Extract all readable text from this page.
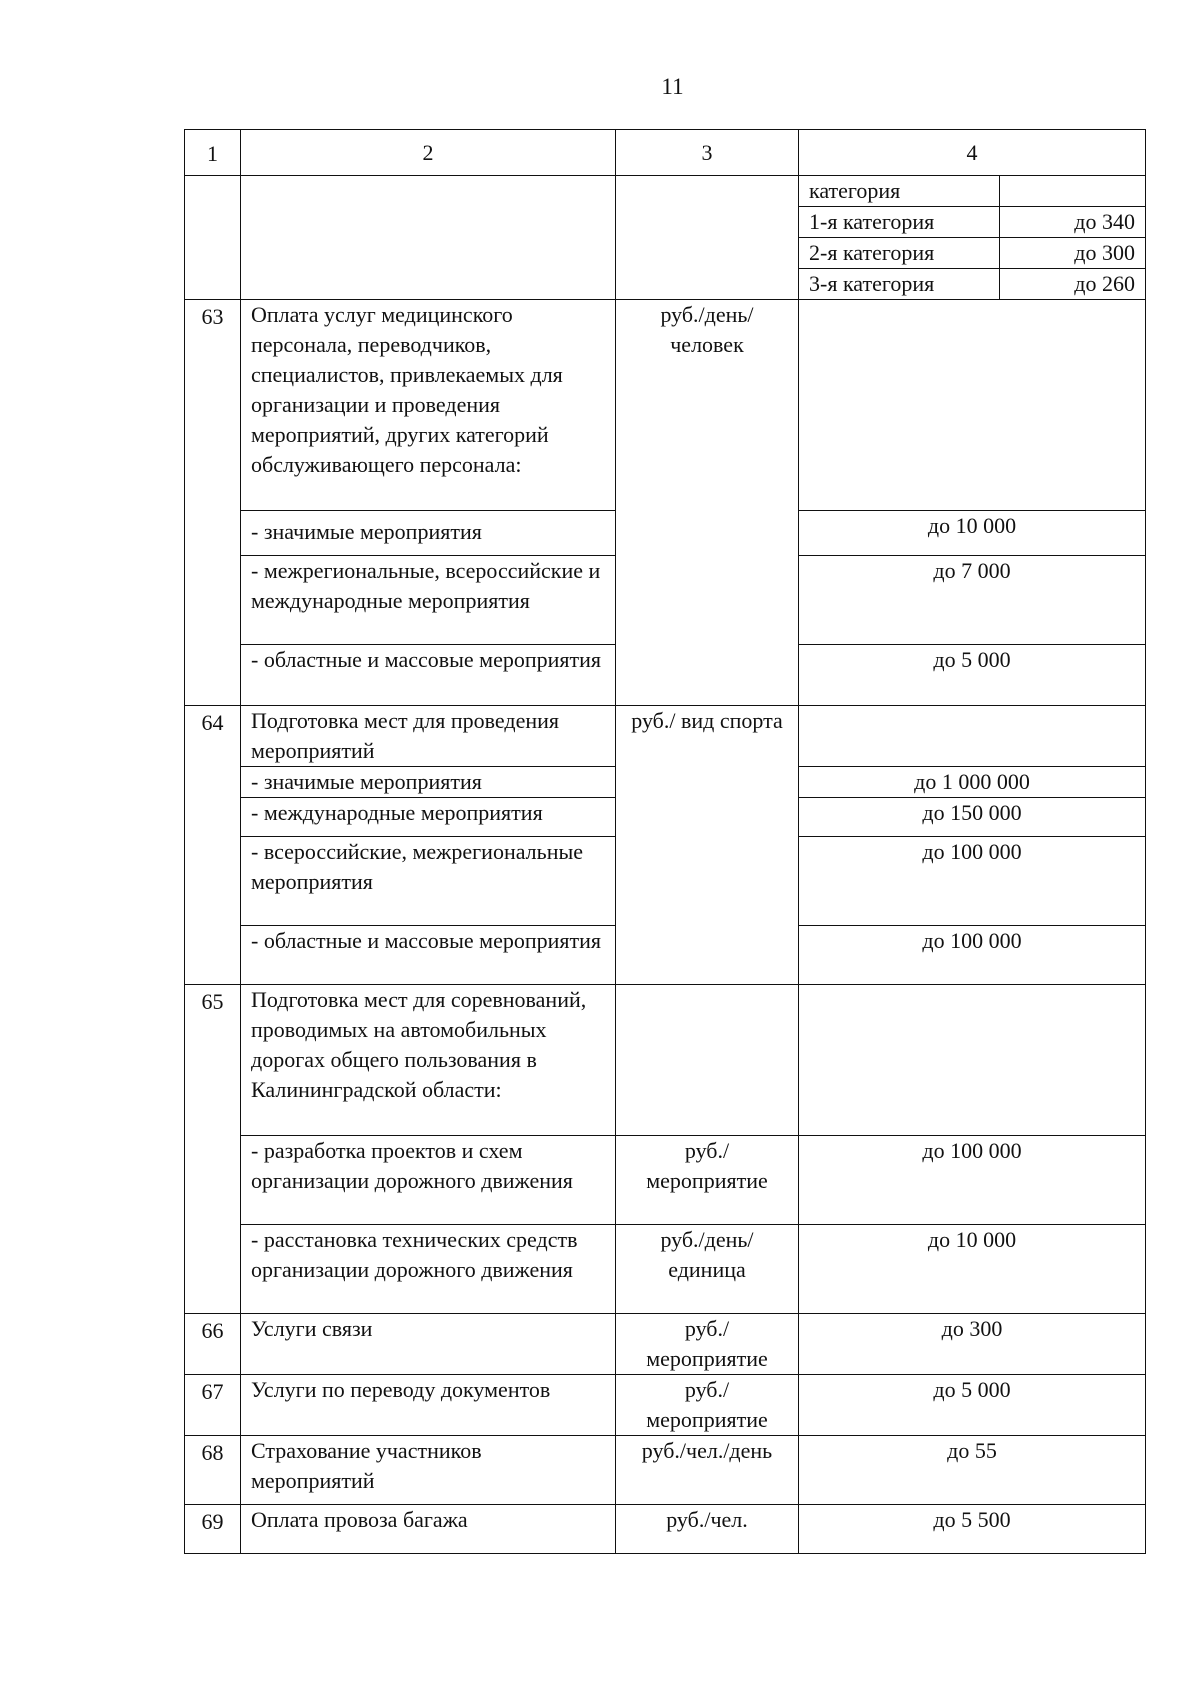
11
1	2	3	4

категория	
1-я категория	до 340
2-я категория	до 300
3-я категория	до 260

63	Оплата услуг медицинского персонала, переводчиков, специалистов, привлекаемых для организации и проведения мероприятий, других категорий обслуживающего персонала:	руб./день/ человек	
- значимые мероприятия	до 10 000
- межрегиональные, всероссийские и международные мероприятия	до 7 000
- областные и массовые мероприятия	до 5 000
64	Подготовка мест для проведения мероприятий	руб./ вид спорта	
- значимые мероприятия	до 1 000 000
- международные мероприятия	до 150 000
- всероссийские, межрегиональные мероприятия	до 100 000
- областные и массовые мероприятия	до 100 000
65	Подготовка мест для соревнований, проводимых на автомобильных дорогах общего пользования в Калининградской области:		
- разработка проектов и схем организации дорожного движения	руб./ мероприятие	до 100 000
- расстановка технических средств организации дорожного движения	руб./день/ единица	до 10 000
66	Услуги связи	руб./ мероприятие	до 300
67	Услуги по переводу документов	руб./ мероприятие	до 5 000
68	Страхование участников мероприятий	руб./чел./день	до 55
69	Оплата провоза багажа	руб./чел.	до 5 500
